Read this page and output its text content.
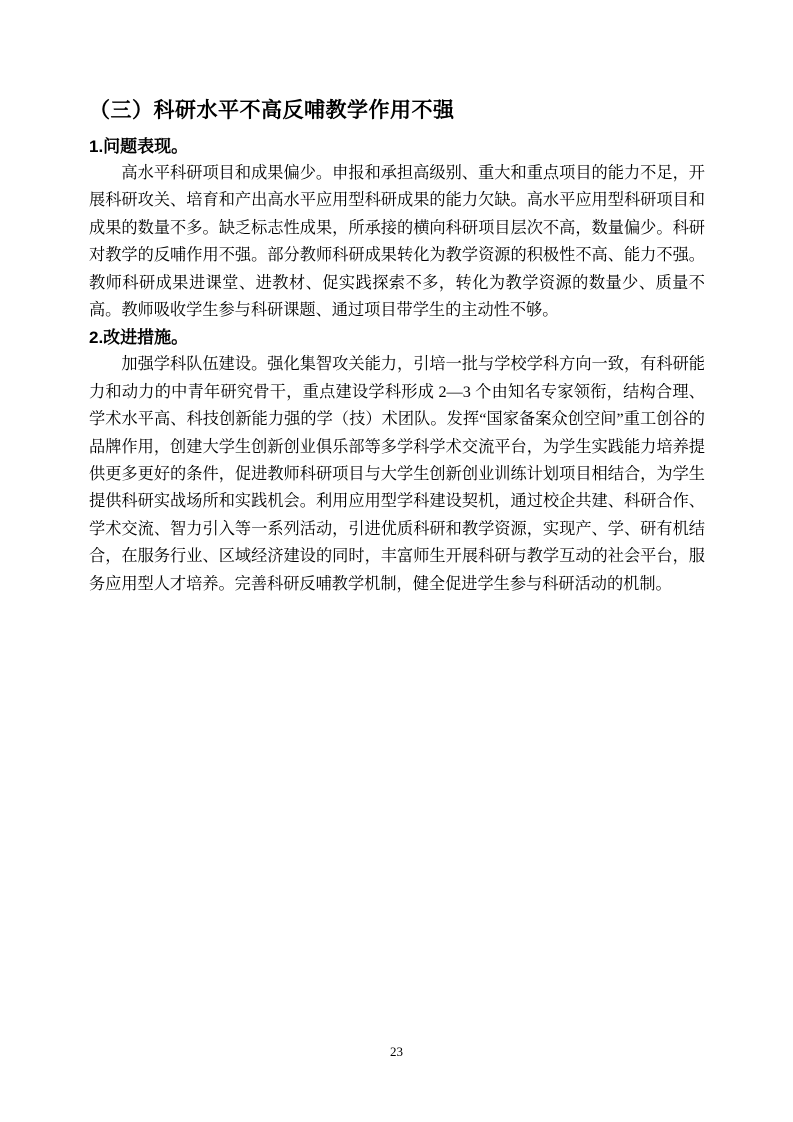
（三）科研水平不高反哺教学作用不强
1.问题表现。

高水平科研项目和成果偏少。申报和承担高级别、重大和重点项目的能力不足，开展科研攻关、培育和产出高水平应用型科研成果的能力欠缺。高水平应用型科研项目和成果的数量不多。缺乏标志性成果，所承接的横向科研项目层次不高，数量偏少。科研对教学的反哺作用不强。部分教师科研成果转化为教学资源的积极性不高、能力不强。教师科研成果进课堂、进教材、促实践探索不多，转化为教学资源的数量少、质量不高。教师吸收学生参与科研课题、通过项目带学生的主动性不够。

2.改进措施。

加强学科队伍建设。强化集智攻关能力，引培一批与学校学科方向一致，有科研能力和动力的中青年研究骨干，重点建设学科形成 2—3 个由知名专家领衔，结构合理、学术水平高、科技创新能力强的学（技）术团队。发挥“国家备案众创空间”重工创谷的品牌作用，创建大学生创新创业俱乐部等多学科学术交流平台，为学生实践能力培养提供更多更好的条件，促进教师科研项目与大学生创新创业训练计划项目相结合，为学生提供科研实战场所和实践机会。利用应用型学科建设契机，通过校企共建、科研合作、学术交流、智力引入等一系列活动，引进优质科研和教学资源，实现产、学、研有机结合，在服务行业、区域经济建设的同时，丰富师生开展科研与教学互动的社会平台，服务应用型人才培养。完善科研反哺教学机制，健全促进学生参与科研活动的机制。

23
